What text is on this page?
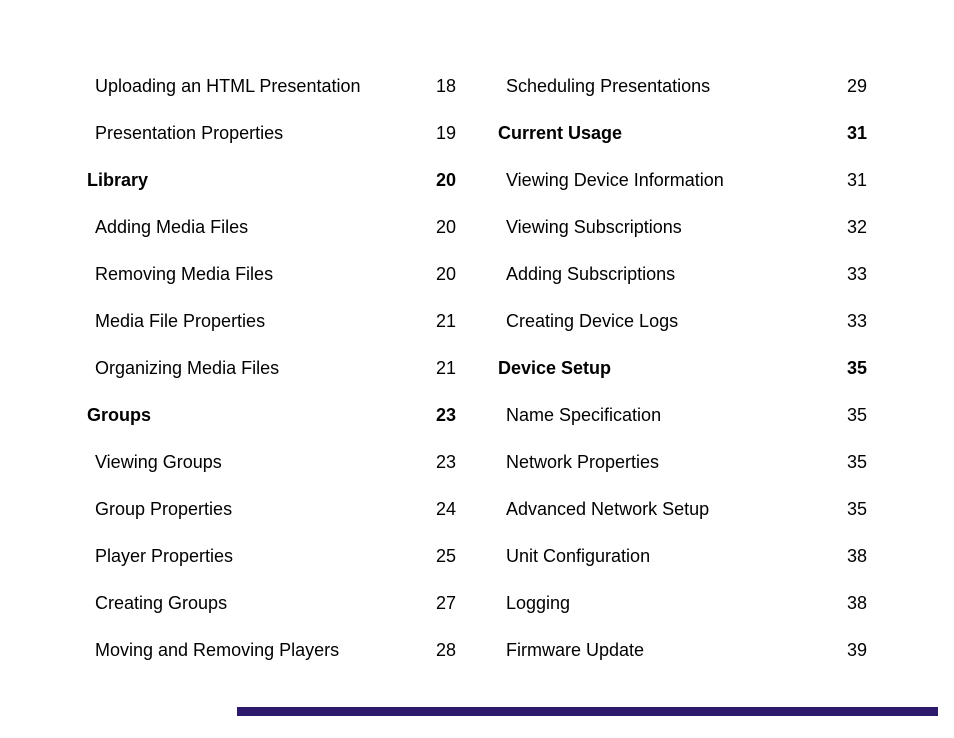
Uploading an HTML Presentation	18
Presentation Properties	19
Library	20
Adding Media Files	20
Removing Media Files	20
Media File Properties	21
Organizing Media Files	21
Groups	23
Viewing Groups	23
Group Properties	24
Player Properties	25
Creating Groups	27
Moving and Removing Players	28
Scheduling Presentations	29
Current Usage	31
Viewing Device Information	31
Viewing Subscriptions	32
Adding Subscriptions	33
Creating Device Logs	33
Device Setup	35
Name Specification	35
Network Properties	35
Advanced Network Setup	35
Unit Configuration	38
Logging	38
Firmware Update	39
